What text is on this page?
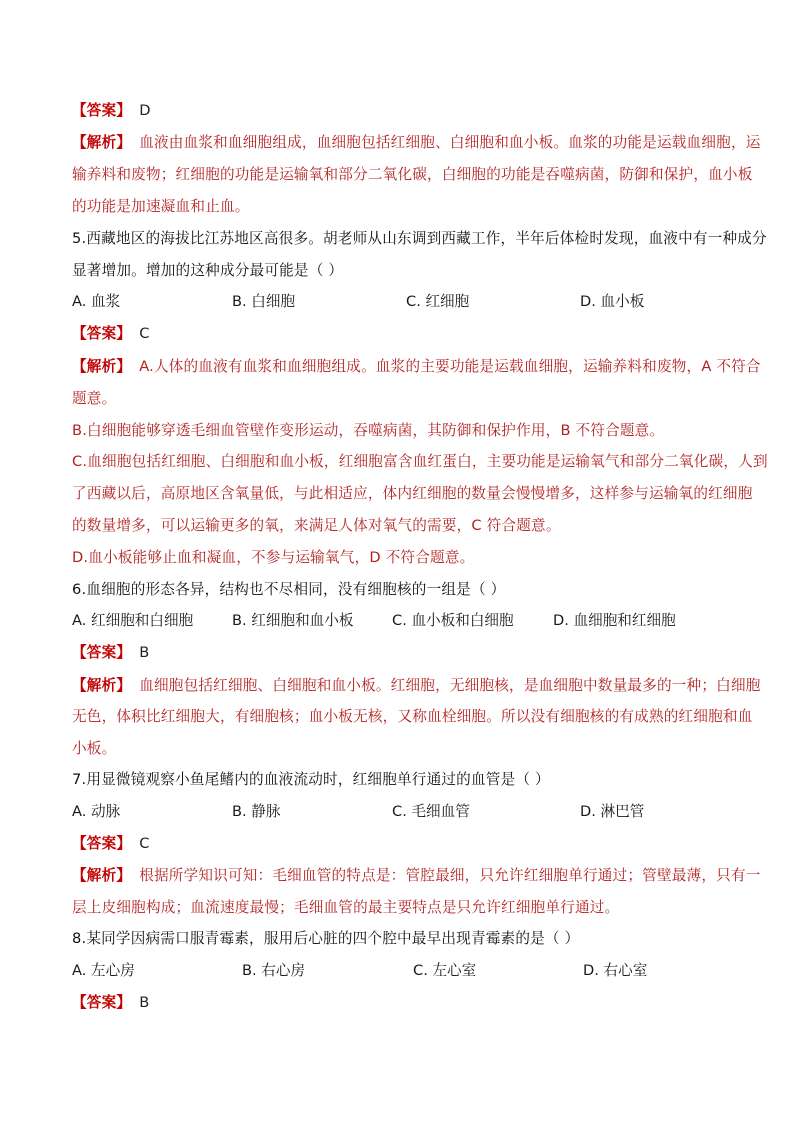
【答案】 D
【解析】 血液由血浆和血细胞组成，血细胞包括红细胞、白细胞和血小板。血浆的功能是运载血细胞，运
输养料和废物；红细胞的功能是运输氧和部分二氧化碳，白细胞的功能是吞噬病菌，防御和保护，血小板
的功能是加速凝血和止血。
5.西藏地区的海拔比江苏地区高很多。胡老师从山东调到西藏工作，半年后体检时发现，血液中有一种成分
显著增加。增加的这种成分最可能是（ ）
A. 血浆	B. 白细胞	C. 红细胞	D. 血小板
【答案】 C
【解析】 A.人体的血液有血浆和血细胞组成。血浆的主要功能是运载血细胞，运输养料和废物，A 不符合
题意。
B.白细胞能够穿透毛细血管壁作变形运动，吞噬病菌，其防御和保护作用，B 不符合题意。
C.血细胞包括红细胞、白细胞和血小板，红细胞富含血红蛋白，主要功能是运输氧气和部分二氧化碳，人到
了西藏以后，高原地区含氧量低，与此相适应，体内红细胞的数量会慢慢增多，这样参与运输氧的红细胞
的数量增多，可以运输更多的氧，来满足人体对氧气的需要，C 符合题意。
D.血小板能够止血和凝血，不参与运输氧气，D 不符合题意。
6.血细胞的形态各异，结构也不尽相同，没有细胞核的一组是（ ）
A. 红细胞和白细胞	B. 红细胞和血小板	C. 血小板和白细胞	D. 血细胞和红细胞
【答案】 B
【解析】 血细胞包括红细胞、白细胞和血小板。红细胞，无细胞核，是血细胞中数量最多的一种；白细胞
无色，体积比红细胞大，有细胞核；血小板无核，又称血栓细胞。所以没有细胞核的有成熟的红细胞和血
小板。
7.用显微镜观察小鱼尾鳍内的血液流动时，红细胞单行通过的血管是（ ）
A. 动脉	B. 静脉	C. 毛细血管	D. 淋巴管
【答案】 C
【解析】 根据所学知识可知：毛细血管的特点是：管腔最细，只允许红细胞单行通过；管壁最薄，只有一
层上皮细胞构成；血流速度最慢；毛细血管的最主要特点是只允许红细胞单行通过。
8.某同学因病需口服青霉素，服用后心脏的四个腔中最早出现青霉素的是（ ）
A. 左心房	B. 右心房	C. 左心室	D. 右心室
【答案】 B
